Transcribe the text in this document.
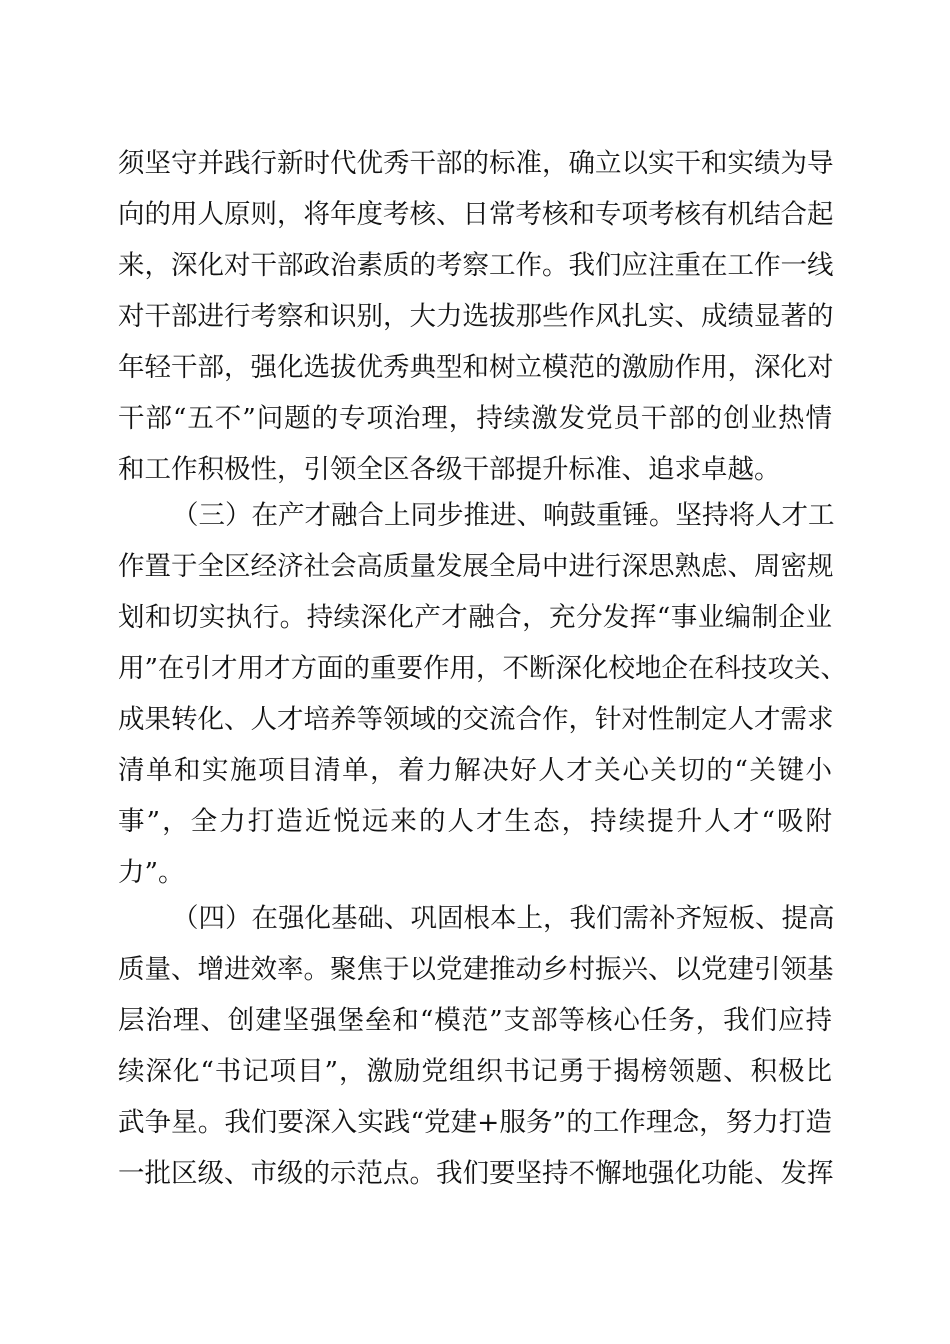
须坚守并践行新时代优秀干部的标准，确立以实干和实绩为导
向的用人原则，将年度考核、日常考核和专项考核有机结合起
来，深化对干部政治素质的考察工作。我们应注重在工作一线
对干部进行考察和识别，大力选拔那些作风扎实、成绩显著的
年轻干部，强化选拔优秀典型和树立模范的激励作用，深化对
干部“五不”问题的专项治理，持续激发党员干部的创业热情
和工作积极性，引领全区各级干部提升标准、追求卓越。
（三）在产才融合上同步推进、响鼓重锤。坚持将人才工
作置于全区经济社会高质量发展全局中进行深思熟虑、周密规
划和切实执行。持续深化产才融合，充分发挥“事业编制企业
用”在引才用才方面的重要作用，不断深化校地企在科技攻关、
成果转化、人才培养等领域的交流合作，针对性制定人才需求
清单和实施项目清单，着力解决好人才关心关切的“关键小
事”，全力打造近悦远来的人才生态，持续提升人才“吸附
力”。
（四）在强化基础、巩固根本上，我们需补齐短板、提高
质量、增进效率。聚焦于以党建推动乡村振兴、以党建引领基
层治理、创建坚强堡垒和“模范”支部等核心任务，我们应持
续深化“书记项目”，激励党组织书记勇于揭榜领题、积极比
武争星。我们要深入实践“党建+服务”的工作理念，努力打造
一批区级、市级的示范点。我们要坚持不懈地强化功能、发挥
